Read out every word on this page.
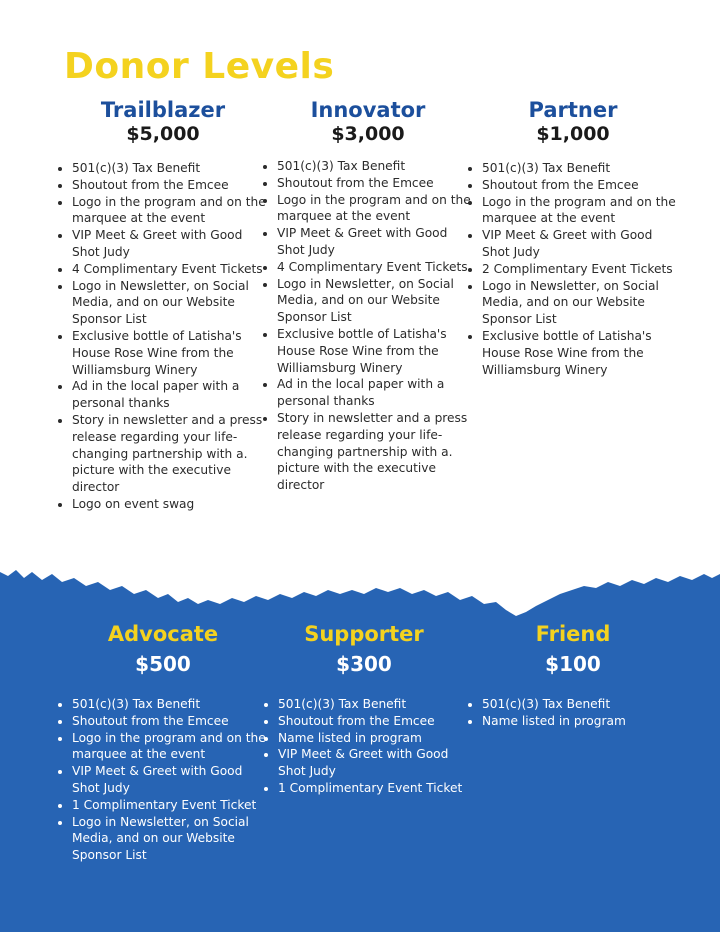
Donor Levels
Trailblazer
$5,000
• 501(c)(3) Tax Benefit
• Shoutout from the Emcee
• Logo in the program and on the marquee at the event
• VIP Meet & Greet with Good Shot Judy
• 4 Complimentary Event Tickets
• Logo in Newsletter, on Social Media, and on our Website Sponsor List
• Exclusive bottle of Latisha's House Rose Wine from the Williamsburg Winery
• Ad in the local paper with a personal thanks
• Story in newsletter and a press release regarding your life-changing partnership with a. picture with the executive director
• Logo on event swag
Innovator
$3,000
• 501(c)(3) Tax Benefit
• Shoutout from the Emcee
• Logo in the program and on the marquee at the event
• VIP Meet & Greet with Good Shot Judy
• 4 Complimentary Event Tickets
• Logo in Newsletter, on Social Media, and on our Website Sponsor List
• Exclusive bottle of Latisha's House Rose Wine from the Williamsburg Winery
• Ad in the local paper with a personal thanks
• Story in newsletter and a press release regarding your life-changing partnership with a. picture with the executive director
Partner
$1,000
• 501(c)(3) Tax Benefit
• Shoutout from the Emcee
• Logo in the program and on the marquee at the event
• VIP Meet & Greet with Good Shot Judy
• 2 Complimentary Event Tickets
• Logo in Newsletter, on Social Media, and on our Website Sponsor List
• Exclusive bottle of Latisha's House Rose Wine from the Williamsburg Winery
Advocate
$500
• 501(c)(3) Tax Benefit
• Shoutout from the Emcee
• Logo in the program and on the marquee at the event
• VIP Meet & Greet with Good Shot Judy
• 1 Complimentary Event Ticket
• Logo in Newsletter, on Social Media, and on our Website Sponsor List
Supporter
$300
• 501(c)(3) Tax Benefit
• Shoutout from the Emcee
• Name listed in program
• VIP Meet & Greet with Good Shot Judy
• 1 Complimentary Event Ticket
Friend
$100
• 501(c)(3) Tax Benefit
• Name listed in program
